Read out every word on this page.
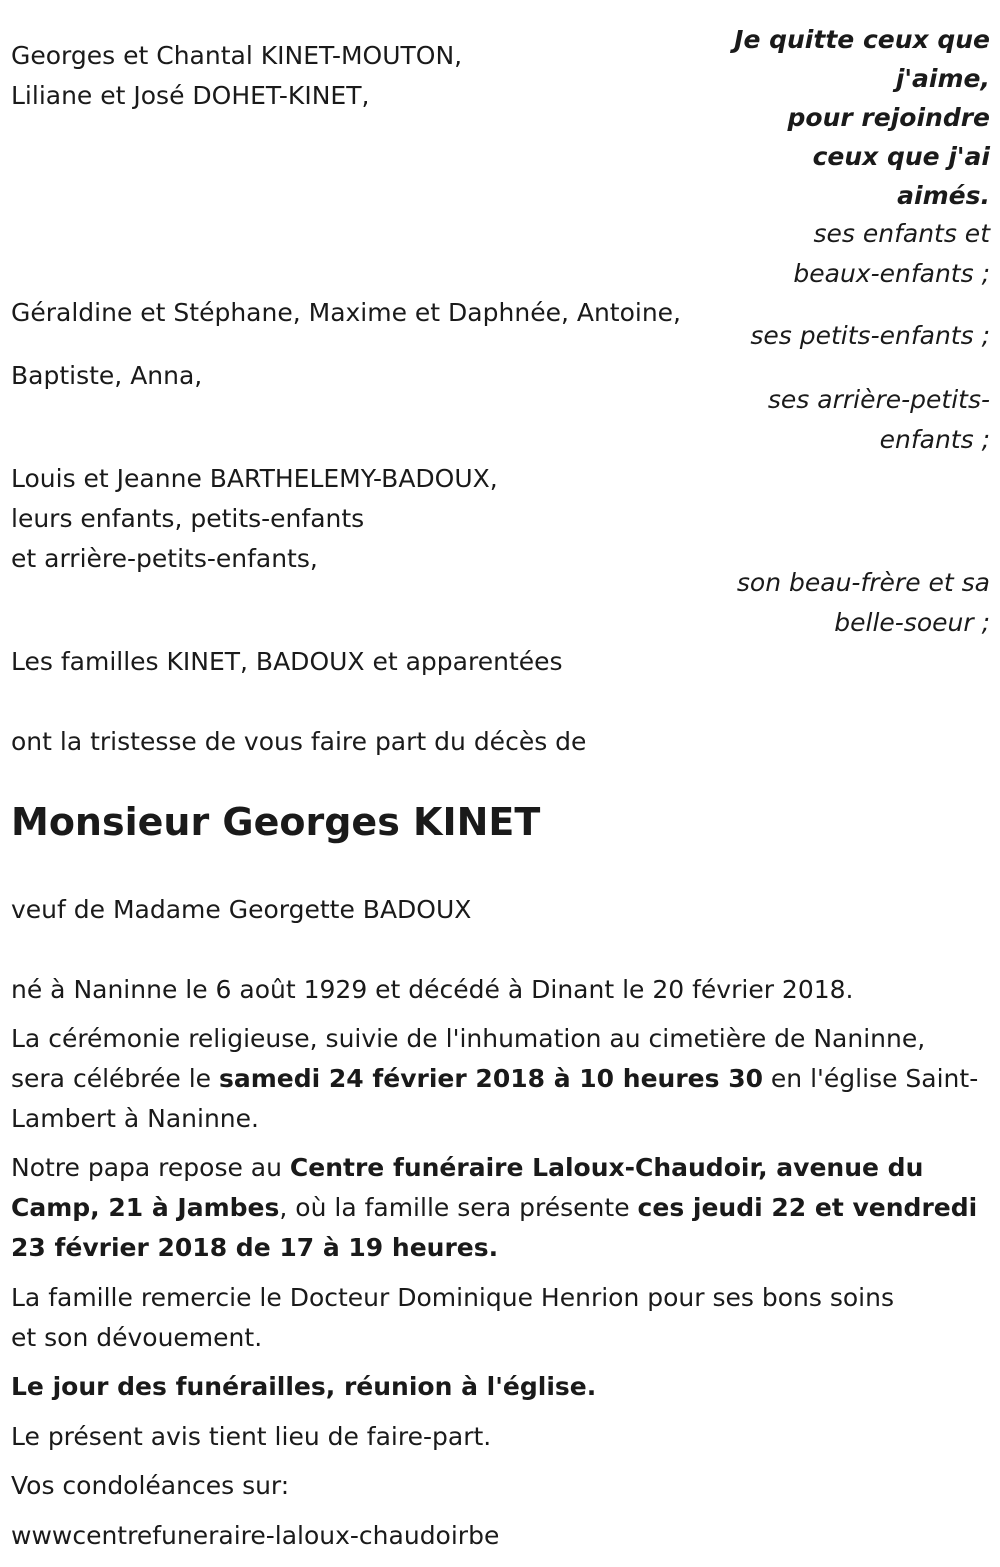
Je quitte ceux que
j'aime,
pour rejoindre
ceux que j'ai
aimés.
Georges et Chantal KINET-MOUTON,
Liliane et José DOHET-KINET,
ses enfants et
beaux-enfants ;
Géraldine et Stéphane, Maxime et Daphnée, Antoine,
ses petits-enfants ;
Baptiste, Anna,
ses arrière-petits-
enfants ;
Louis et Jeanne BARTHELEMY-BADOUX,
leurs enfants, petits-enfants
et arrière-petits-enfants,
son beau-frère et sa
belle-soeur ;
Les familles KINET, BADOUX et apparentées
ont la tristesse de vous faire part du décès de
Monsieur Georges KINET
veuf de Madame Georgette BADOUX
né à Naninne le 6 août 1929 et décédé à Dinant le 20 février 2018.
La cérémonie religieuse, suivie de l'inhumation au cimetière de Naninne,
sera célébrée le samedi 24 février 2018 à 10 heures 30 en l'église Saint-
Lambert à Naninne.
Notre papa repose au Centre funéraire Laloux-Chaudoir, avenue du
Camp, 21 à Jambes, où la famille sera présente ces jeudi 22 et vendredi
23 février 2018 de 17 à 19 heures.
La famille remercie le Docteur Dominique Henrion pour ses bons soins
et son dévouement.
Le jour des funérailles, réunion à l'église.
Le présent avis tient lieu de faire-part.
Vos condoléances sur:
wwwcentrefuneraire-laloux-chaudoirbe
